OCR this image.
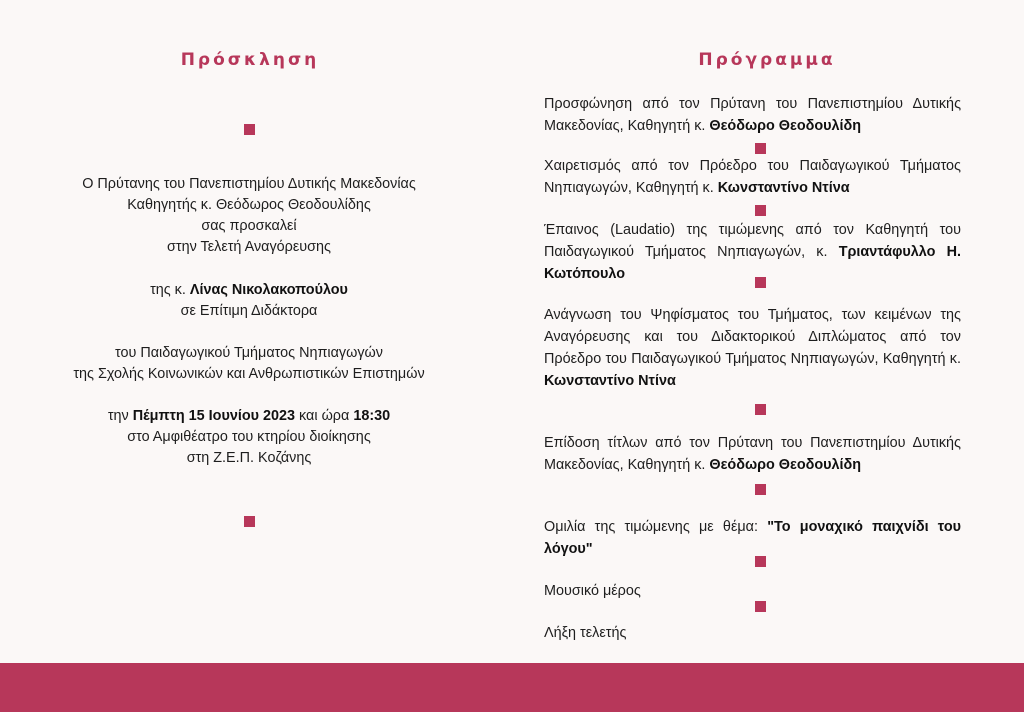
Πρόσκληση

Ο Πρύτανης του Πανεπιστημίου Δυτικής Μακεδονίας

Καθηγητής κ. Θεόδωρος Θεοδουλίδης

σας προσκαλεί

στην Τελετή Αναγόρευσης

της κ. Λίνας Νικολακοπούλου

σε Επίτιμη Διδάκτορα

του Παιδαγωγικού Τμήματος Νηπιαγωγών

της Σχολής Κοινωνικών και Ανθρωπιστικών Επιστημών

την Πέμπτη 15 Ιουνίου 2023 και ώρα 18:30

στο Αμφιθέατρο του κτηρίου διοίκησης

στη Ζ.Ε.Π. Κοζάνης

Πρόγραμμα

Προσφώνηση από τον Πρύτανη του Πανεπιστημίου Δυτικής Μακεδονίας, Καθηγητή κ. Θεόδωρο Θεοδουλίδη

Χαιρετισμός από τον Πρόεδρο του Παιδαγωγικού Τμήματος Νηπιαγωγών, Καθηγητή κ. Κωνσταντίνο Ντίνα

Έπαινος (Laudatio) της τιμώμενης από τον Καθηγητή του Παιδαγωγικού Τμήματος Νηπιαγωγών, κ. Τριαντάφυλλο Η. Κωτόπουλο

Ανάγνωση του Ψηφίσματος του Τμήματος, των κειμένων της Αναγόρευσης και του Διδακτορικού Διπλώματος από τον Πρόεδρο του Παιδαγωγικού Τμήματος Νηπιαγωγών, Καθηγητή κ. Κωνσταντίνο Ντίνα

Επίδοση τίτλων από τον Πρύτανη του Πανεπιστημίου Δυτικής Μακεδονίας, Καθηγητή κ. Θεόδωρο Θεοδουλίδη

Ομιλία της τιμώμενης με θέμα: "Το μοναχικό παιχνίδι του λόγου"

Μουσικό μέρος

Λήξη τελετής
